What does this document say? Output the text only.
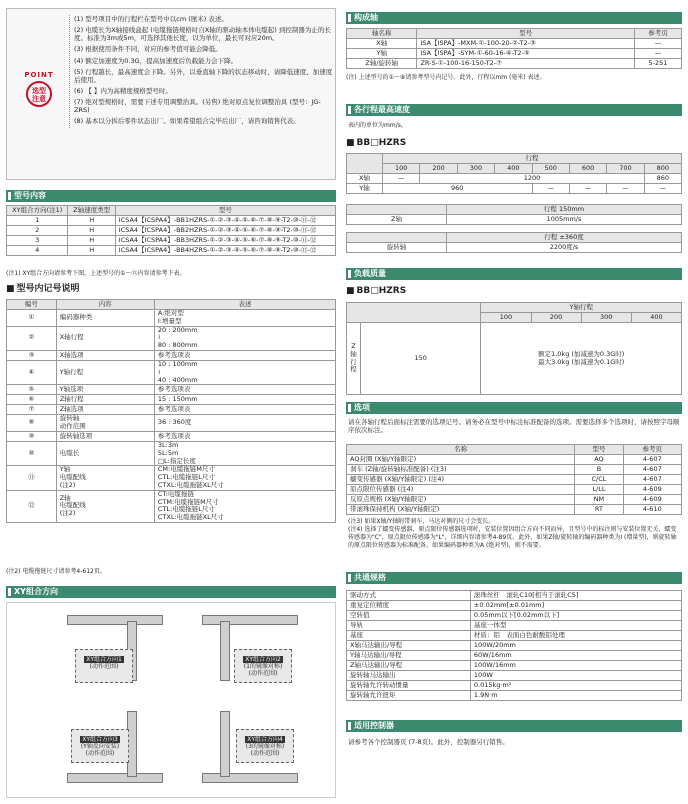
POINT
选型
注意

(1) 型号项目中的行程栏在型号中以cm (厘米) 表述。

(2) 电缆长为X轴接线盒起 (电缆拖链规格时自X轴的驱动轴本体电缆起) 到控制器为止的长度。标准为3m或5m，可选择其他长度，以为单位，最长可对应20m。

(3) 根据使用条件不同，对应的参考值可能会降低。

(4) 额定加速度为0.3G，提高加速度后负载能力会下降。

(5) 行程越长，最高速度会下降。另外，以垂直轴下降的状态移动时，请降低速度、加速度后使用。

(6) 【 】内为高精度规格型号时。

(7) 绝对型规格时，需要下述专用调整治具。(另售) 绝对原点复位调整治具 (型号：JG-ZRS)

(8) 基本以分拆后零件状态出厂。如果希望组合完毕后出厂，请咨询销售代表。

型号内容
XY组合方向(注1)	Z轴速度类型	型号
1	H	ICSA4【ICSPA4】-BB1HZRS-①-②-③-④-⑤-⑥-⑦-⑧-⑨-T2-⑩-⑪-⑫
2	H	ICSA4【ICSPA4】-BB2HZRS-①-②-③-④-⑤-⑥-⑦-⑧-⑨-T2-⑩-⑪-⑫
3	H	ICSA4【ICSPA4】-BB3HZRS-①-②-③-④-⑤-⑥-⑦-⑧-⑨-T2-⑩-⑪-⑫
4	H	ICSA4【ICSPA4】-BB4HZRS-①-②-③-④-⑤-⑥-⑦-⑧-⑨-T2-⑩-⑪-⑫
(注1) XY组合方向请参考下图。上述型号的①～⑫内容请参考下表。
■ 型号内记号说明
编号	内容	表述
①	编码器种类	A:绝对型
I:增量型
②	X轴行程	20 : 200mm
≀
80 : 800mm
③	X轴选项	参考选项表
④	Y轴行程	10 : 100mm
≀
40 : 400mm
⑤	Y轴选项	参考选项表
⑥	Z轴行程	15 : 150mm
⑦	Z轴选项	参考选项表
⑧	旋转轴
动作范围	36 : 360度
⑨	旋转轴选项	参考选项表
⑩	电缆长	3L:3m
5L:5m
□L:指定长度
⑪	Y轴
电缆配线
(注2)	CM:电缆拖链M尺寸
CTL:电缆拖链L尺寸
CTXL:电缆拖链XL尺寸
⑫	Z轴
电缆配线
(注2)	CT:电缆拖链
CTM:电缆拖链M尺寸
CTL:电缆拖链L尺寸
CTXL:电缆拖链XL尺寸
(注2) 电缆拖链尺寸请参考4-612页。
XY组合方向
XY组合方向1
(动作范围)
XY组合方向2
(1的镜像对称)
(动作范围)
XY组合方向3
(Y轴反向安装)
(动作范围)
XY组合方向4
(3的镜像对称)
(动作范围)
构成轴
轴名称	型号	参考页
X轴	ISA【ISPA】-MXM-①-100-20-②-T2-③	—
Y轴	ISA【ISPA】-SYM-①-60-16-④-T2-⑤	—
Z轴/旋转轴	ZR-S-①-100-16-150-T2-⑦	5-251
(注) 上述型号的①～⑧请参考型号内记号。此外，行程以mm (毫米) 表述。
各行程最高速度
表内的单位为mm/s。
■ BB□HZRS
	行程							
	100	200	300	400	500	600	700	800
X轴	—	1200						860
Y轴	960				—	—	—	—
	行程 150mm
Z轴	1005mm/s
	行程 ±360度
旋转轴	2200度/s
负载质量
■ BB□HZRS
		Y轴行程			
		100	200	300	400
Z轴行程	150	额定1.0kg (加减速为0.3G时)
最大3.0kg (加减速为0.1G时)			
选项
请在各轴行程后面标注需要的选项记号。请务必在型号中标注标准配备的选项。需要选择多个选项时，请按照字母顺序依次标注。
名称	型号	参考页
AQ封圈 (X轴/Y轴限定)	AQ	4-607
刹车 (Z轴/旋转轴标准配备) (注3)	B	4-607
蠕变传感器 (X轴/Y轴限定) (注4)	C/CL	4-607
原点限位传感器 (注4)	L/LL	4-609
反原点规格 (X轴/Y轴限定)	NM	4-609
带滚珠保持机构 (X轴/Y轴限定)	RT	4-610
(注3) 如果X轴/Y轴附带刹车，马达对侧的尺寸会变长。
(注4) 选择了蠕变传感器、原点限位传感器选项时，安装位置因组合方向不同而异，且型号中的标注则与安装位置无关，蠕变传感器为"C"，原点限位传感器为"L"，详细内容请参考4-89页。此外，如果Z轴/旋转轴的编码器种类为I (增量型)，则旋转轴的原点限位传感器为标准配备。如果编码器种类为A (绝对型)，则不需要。
共通规格
驱动方式	滚珠丝杆　滚轧C10[相当于滚轧C5]
重复定位精度	±0.02mm[±0.01mm]
空转值	0.05mm以下[0.02mm以下]
导轨	基座一体型
基座	材质：铝　表面白色耐酸铝处理
X轴马达输出/导程	100W/20mm
Y轴马达输出/导程	60W/16mm
Z轴马达输出/导程	100W/16mm
旋转轴马达输出	100W
旋转轴允许转动惯量	0.015kg·m²
旋转轴允许扭矩	1.9N·m
适用控制器
请参考各个控制器页 (7-8页)。此外，控制器另行销售。
